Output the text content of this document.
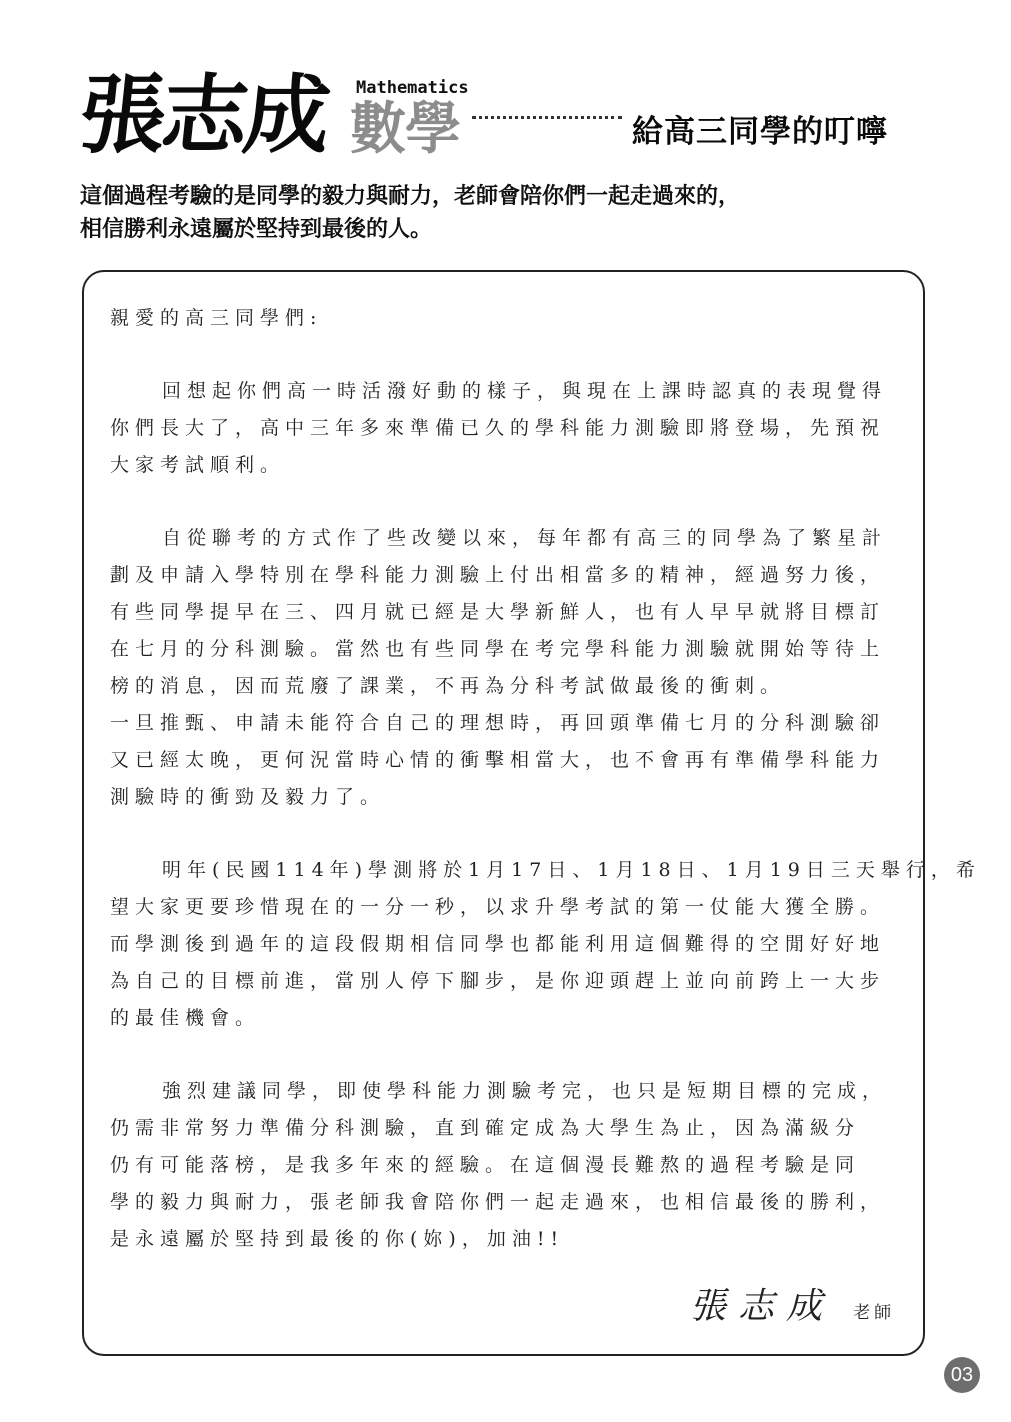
張志成 Mathematics
數學	給高三同學的叮嚀
這個過程考驗的是同學的毅力與耐力，老師會陪你們一起走過來的，
相信勝利永遠屬於堅持到最後的人。
親愛的高三同學們:
回想起你們高一時活潑好動的樣子，與現在上課時認真的表現覺得
你們長大了，高中三年多來準備已久的學科能力測驗即將登場，先預祝
大家考試順利。
自從聯考的方式作了些改變以來，每年都有高三的同學為了繁星計
劃及申請入學特別在學科能力測驗上付出相當多的精神，經過努力後，
有些同學提早在三、四月就已經是大學新鮮人，也有人早早就將目標訂
在七月的分科測驗。當然也有些同學在考完學科能力測驗就開始等待上
榜的消息，因而荒廢了課業，不再為分科考試做最後的衝刺。
一旦推甄、申請未能符合自己的理想時，再回頭準備七月的分科測驗卻
又已經太晚，更何況當時心情的衝擊相當大，也不會再有準備學科能力
測驗時的衝勁及毅力了。
明年(民國114年)學測將於1月17日、1月18日、1月19日三天舉行，希
望大家更要珍惜現在的一分一秒，以求升學考試的第一仗能大獲全勝。
而學測後到過年的這段假期相信同學也都能利用這個難得的空閒好好地
為自己的目標前進，當別人停下腳步，是你迎頭趕上並向前跨上一大步
的最佳機會。
強烈建議同學，即使學科能力測驗考完，也只是短期目標的完成，
仍需非常努力準備分科測驗，直到確定成為大學生為止，因為滿級分
仍有可能落榜，是我多年來的經驗。在這個漫長難熬的過程考驗是同
學的毅力與耐力，張老師我會陪你們一起走過來，也相信最後的勝利，
是永遠屬於堅持到最後的你(妳)，加油!!
張志成 老師
03
